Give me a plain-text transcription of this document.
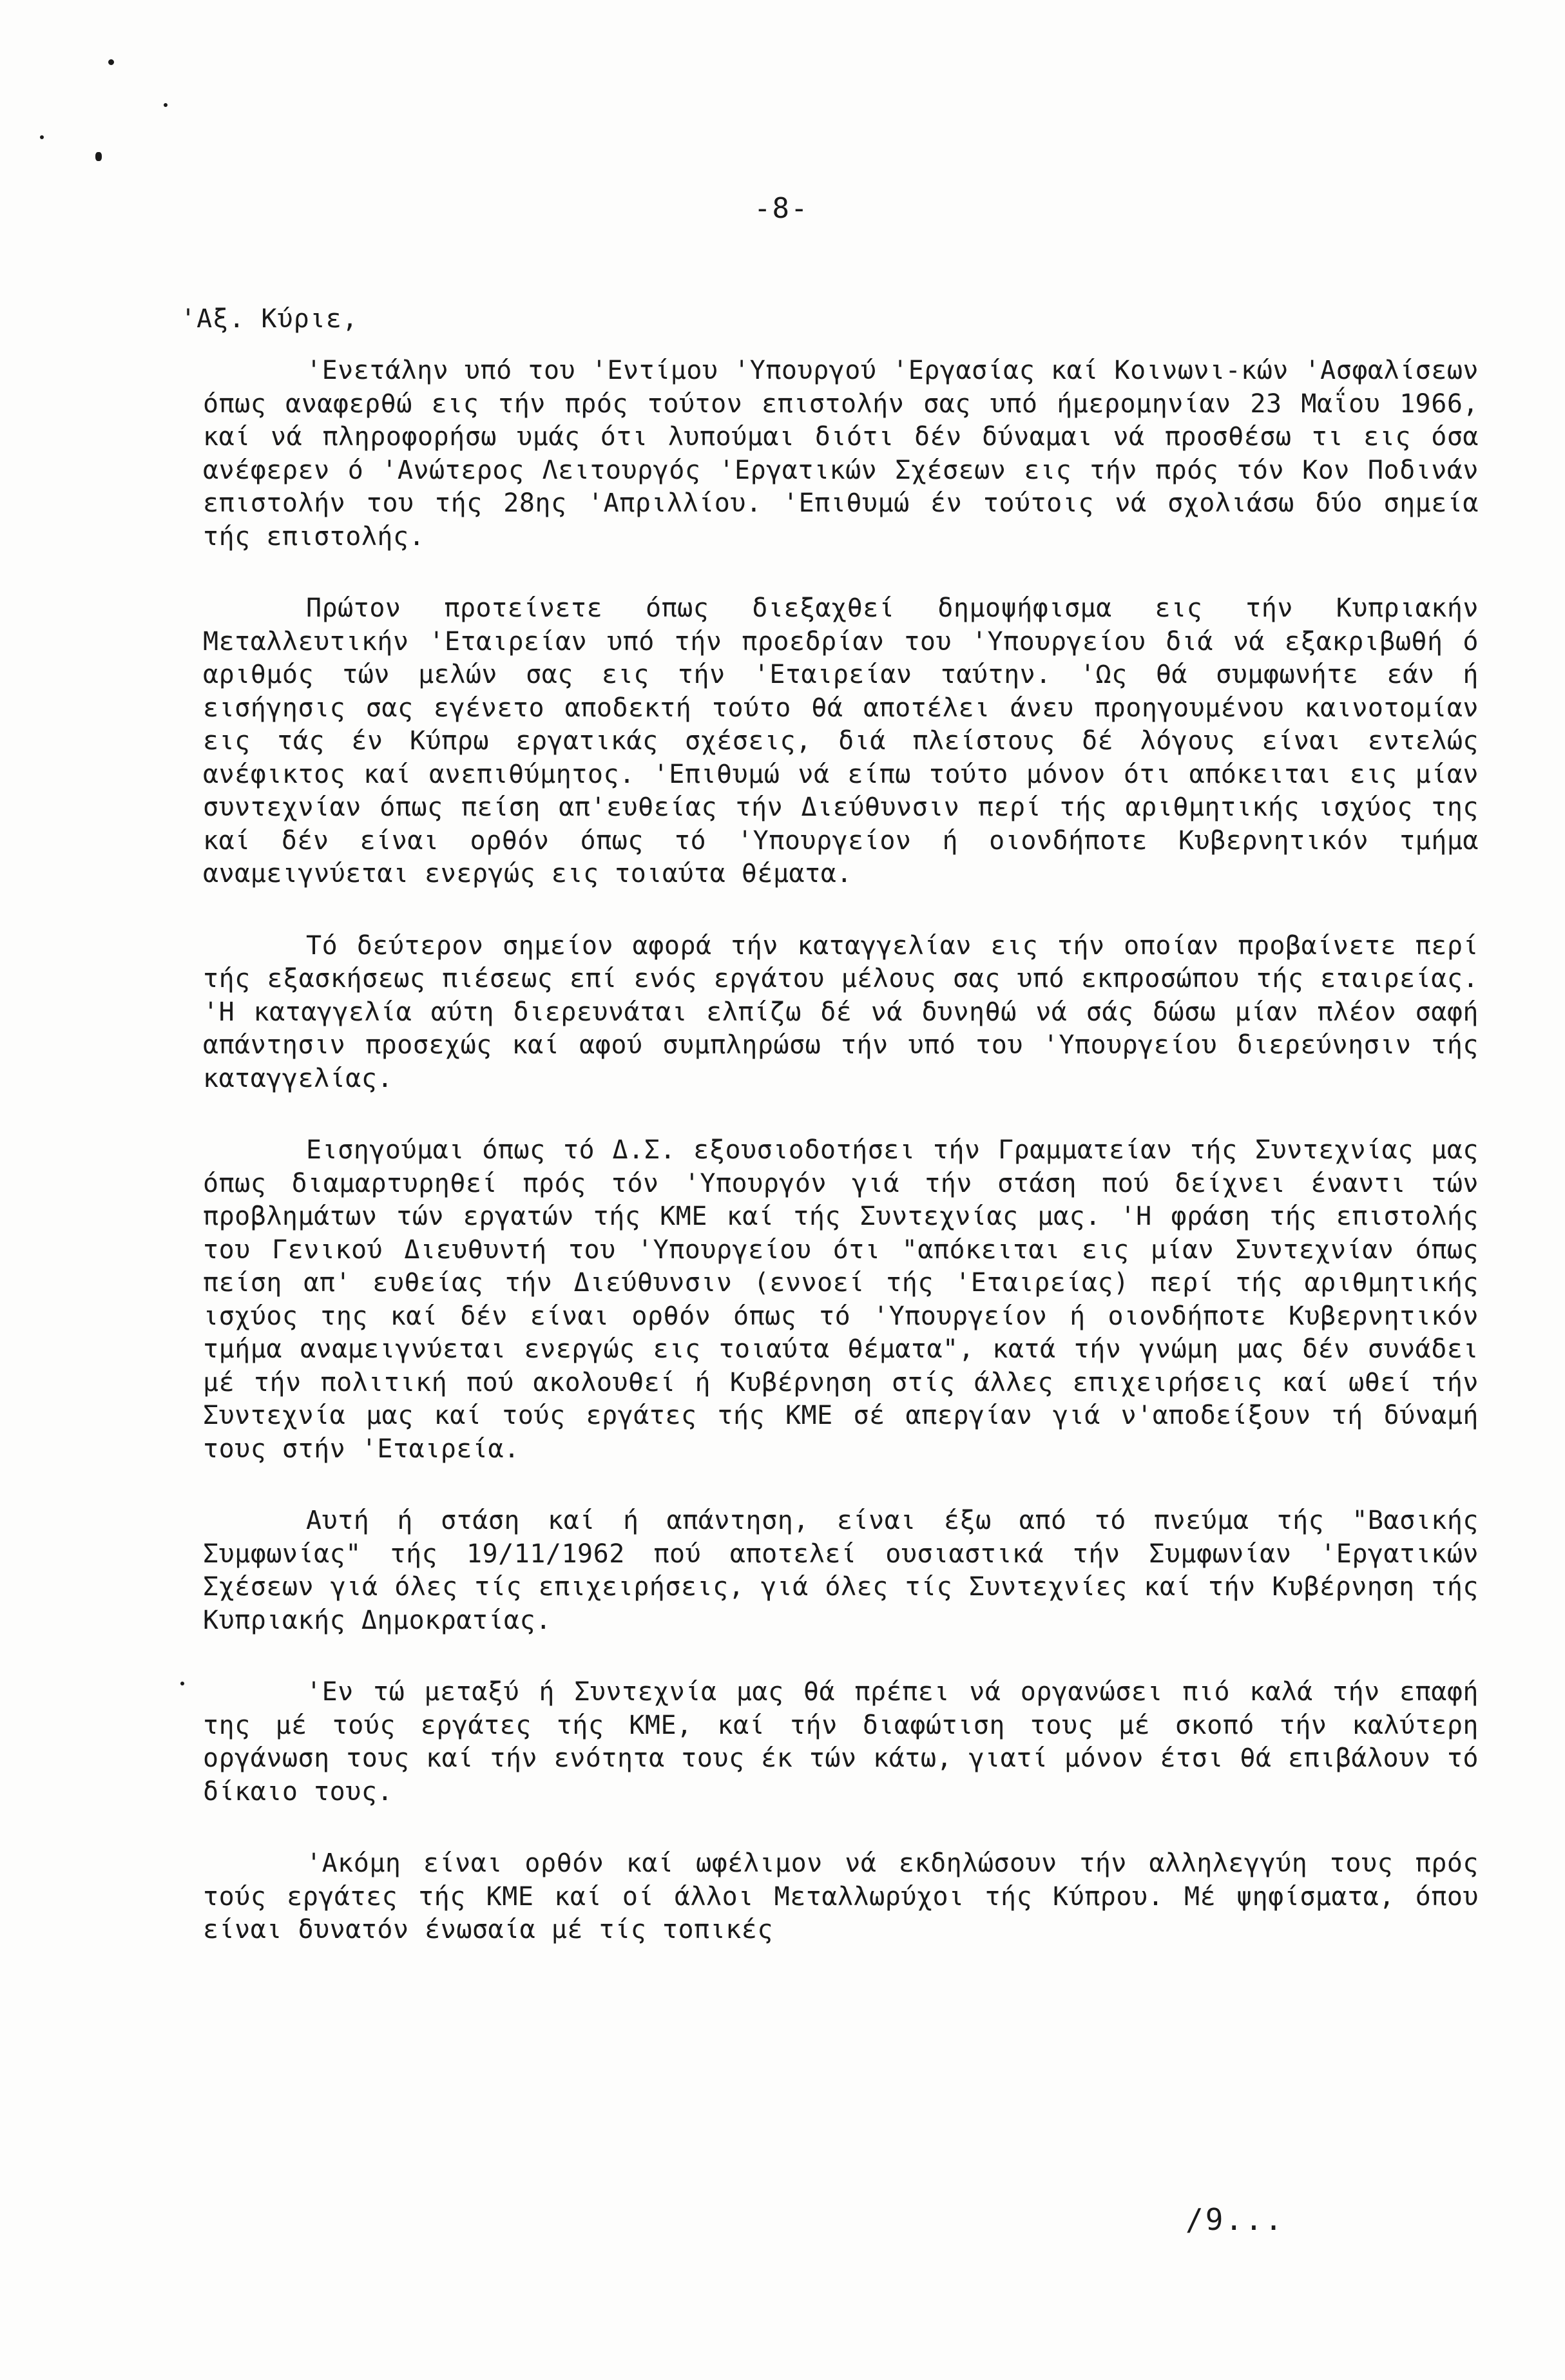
-8-
'Αξ. Κύριε,

'Ενετάλην υπό του 'Εντίμου 'Υπουργού 'Εργασίας καί Κοινωνι-κών 'Ασφαλίσεων όπως αναφερθώ εις τήν πρός τούτον επιστολήν σας υπό ήμερομηνίαν 23 Μαΐου 1966, καί νά πληροφορήσω υμάς ότι λυπούμαι διότι δέν δύναμαι νά προσθέσω τι εις όσα ανέφερεν ό 'Ανώτερος Λειτουργός 'Εργατικών Σχέσεων εις τήν πρός τόν Κον Ποδινάν επιστολήν του τής 28ης 'Απριλλίου. 'Επιθυμώ έν τούτοις νά σχολιάσω δύο σημεία τής επιστολής.

Πρώτον προτείνετε όπως διεξαχθεί δημοψήφισμα εις τήν Κυπριακήν Μεταλλευτικήν 'Εταιρείαν υπό τήν προεδρίαν του 'Υπουργείου διά νά εξακριβωθή ό αριθμός τών μελών σας εις τήν 'Εταιρείαν ταύτην. 'Ως θά συμφωνήτε εάν ή εισήγησις σας εγένετο αποδεκτή τούτο θά αποτέλει άνευ προηγουμένου καινοτομίαν εις τάς έν Κύπρω εργατικάς σχέσεις, διά πλείστους δέ λόγους είναι εντελώς ανέφικτος καί ανεπιθύμητος. 'Επιθυμώ νά είπω τούτο μόνον ότι απόκειται εις μίαν συντεχνίαν όπως πείση απ'ευθείας τήν Διεύθυνσιν περί τής αριθμητικής ισχύος της καί δέν είναι ορθόν όπως τό 'Υπουργείον ή οιονδήποτε Κυβερνητικόν τμήμα αναμειγνύεται ενεργώς εις τοιαύτα θέματα.

Τό δεύτερον σημείον αφορά τήν καταγγελίαν εις τήν οποίαν προβαίνετε περί τής εξασκήσεως πιέσεως επί ενός εργάτου μέλους σας υπό εκπροσώπου τής εταιρείας. 'Η καταγγελία αύτη διερευνάται ελπίζω δέ νά δυνηθώ νά σάς δώσω μίαν πλέον σαφή απάντησιν προσεχώς καί αφού συμπληρώσω τήν υπό του 'Υπουργείου διερεύνησιν τής καταγγελίας.

Εισηγούμαι όπως τό Δ.Σ. εξουσιοδοτήσει τήν Γραμματείαν τής Συντεχνίας μας όπως διαμαρτυρηθεί πρός τόν 'Υπουργόν γιά τήν στάση πού δείχνει έναντι τών προβλημάτων τών εργατών τής ΚΜΕ καί τής Συντεχνίας μας. 'Η φράση τής επιστολής του Γενικού Διευθυντή του 'Υπουργείου ότι "απόκειται εις μίαν Συντεχνίαν όπως πείση απ' ευθείας τήν Διεύθυνσιν (εννοεί τής 'Εταιρείας) περί τής αριθμητικής ισχύος της καί δέν είναι ορθόν όπως τό 'Υπουργείον ή οιονδήποτε Κυβερνητικόν τμήμα αναμειγνύεται ενεργώς εις τοιαύτα θέματα", κατά τήν γνώμη μας δέν συνάδει μέ τήν πολιτική πού ακολουθεί ή Κυβέρνηση στίς άλλες επιχειρήσεις καί ωθεί τήν Συντεχνία μας καί τούς εργάτες τής ΚΜΕ σέ απεργίαν γιά ν'αποδείξουν τή δύναμή τους στήν 'Εταιρεία.

Αυτή ή στάση καί ή απάντηση, είναι έξω από τό πνεύμα τής "Βασικής Συμφωνίας" τής 19/11/1962 πού αποτελεί ουσιαστικά τήν Συμφωνίαν 'Εργατικών Σχέσεων γιά όλες τίς επιχειρήσεις, γιά όλες τίς Συντεχνίες καί τήν Κυβέρνηση τής Κυπριακής Δημοκρατίας.

'Εν τώ μεταξύ ή Συντεχνία μας θά πρέπει νά οργανώσει πιό καλά τήν επαφή της μέ τούς εργάτες τής ΚΜΕ, καί τήν διαφώτιση τους μέ σκοπό τήν καλύτερη οργάνωση τους καί τήν ενότητα τους έκ τών κάτω, γιατί μόνον έτσι θά επιβάλουν τό δίκαιο τους.

'Ακόμη είναι ορθόν καί ωφέλιμον νά εκδηλώσουν τήν αλληλεγγύη τους πρός τούς εργάτες τής ΚΜΕ καί οί άλλοι Μεταλλωρύχοι τής Κύπρου. Μέ ψηφίσματα, όπου είναι δυνατόν ένωσαία μέ τίς τοπικές

/9...
